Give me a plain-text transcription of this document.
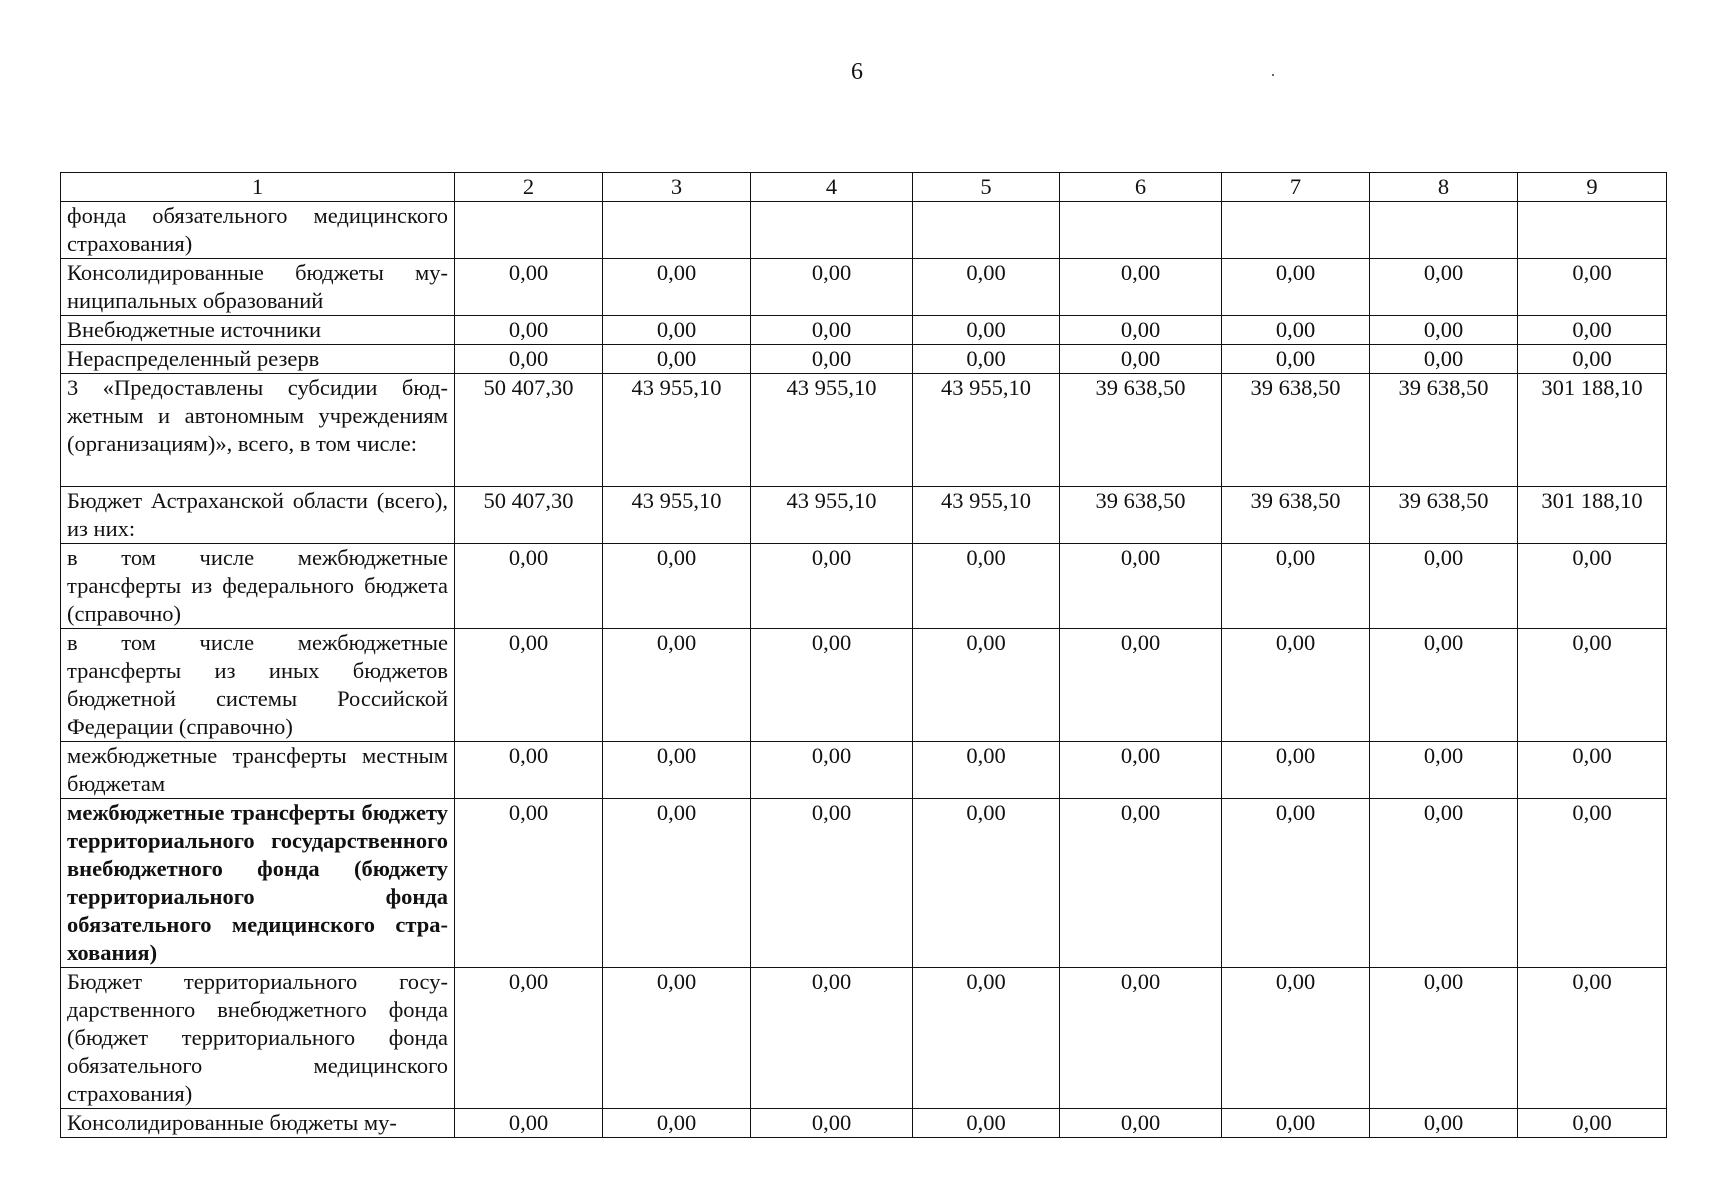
6
1	2	3	4	5	6	7	8	9
фонда обязательного медицинского страхования)								
Консолидированные бюджеты муниципальных образований	0,00	0,00	0,00	0,00	0,00	0,00	0,00	0,00
Внебюджетные источники	0,00	0,00	0,00	0,00	0,00	0,00	0,00	0,00
Нераспределенный резерв	0,00	0,00	0,00	0,00	0,00	0,00	0,00	0,00
3 «Предоставлены субсидии бюджетным и автономным учреждениям (организациям)», всего, в том числе:	50 407,30	43 955,10	43 955,10	43 955,10	39 638,50	39 638,50	39 638,50	301 188,10
Бюджет Астраханской области (всего), из них:	50 407,30	43 955,10	43 955,10	43 955,10	39 638,50	39 638,50	39 638,50	301 188,10
в том числе межбюджетные трансферты из федерального бюджета (справочно)	0,00	0,00	0,00	0,00	0,00	0,00	0,00	0,00
в том числе межбюджетные трансферты из иных бюджетов бюджетной системы Российской Федерации (справочно)	0,00	0,00	0,00	0,00	0,00	0,00	0,00	0,00
межбюджетные трансферты местным бюджетам	0,00	0,00	0,00	0,00	0,00	0,00	0,00	0,00
межбюджетные трансферты бюджету территориального государственного внебюджетного фонда (бюджету территориального фонда обязательного медицинского страхования)	0,00	0,00	0,00	0,00	0,00	0,00	0,00	0,00
Бюджет территориального государственного внебюджетного фонда (бюджет территориального фонда обязательного медицинского страхования)	0,00	0,00	0,00	0,00	0,00	0,00	0,00	0,00
Консолидированные бюджеты му-	0,00	0,00	0,00	0,00	0,00	0,00	0,00	0,00
